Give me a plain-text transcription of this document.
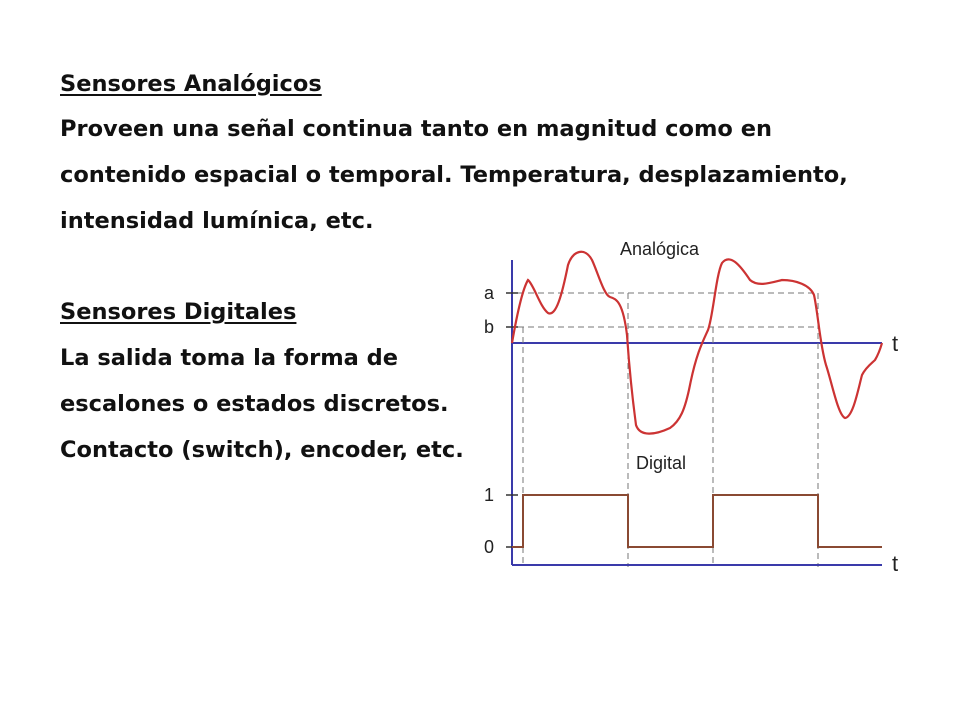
Sensores Analógicos
Proveen una señal continua tanto en magnitud como en
contenido espacial o temporal. Temperatura, desplazamiento,
intensidad lumínica, etc.
Sensores Digitales
La salida toma la forma de
escalones o estados discretos.
Contacto (switch), encoder, etc.
Analógica
t
a
b
Digital
1
0
t
